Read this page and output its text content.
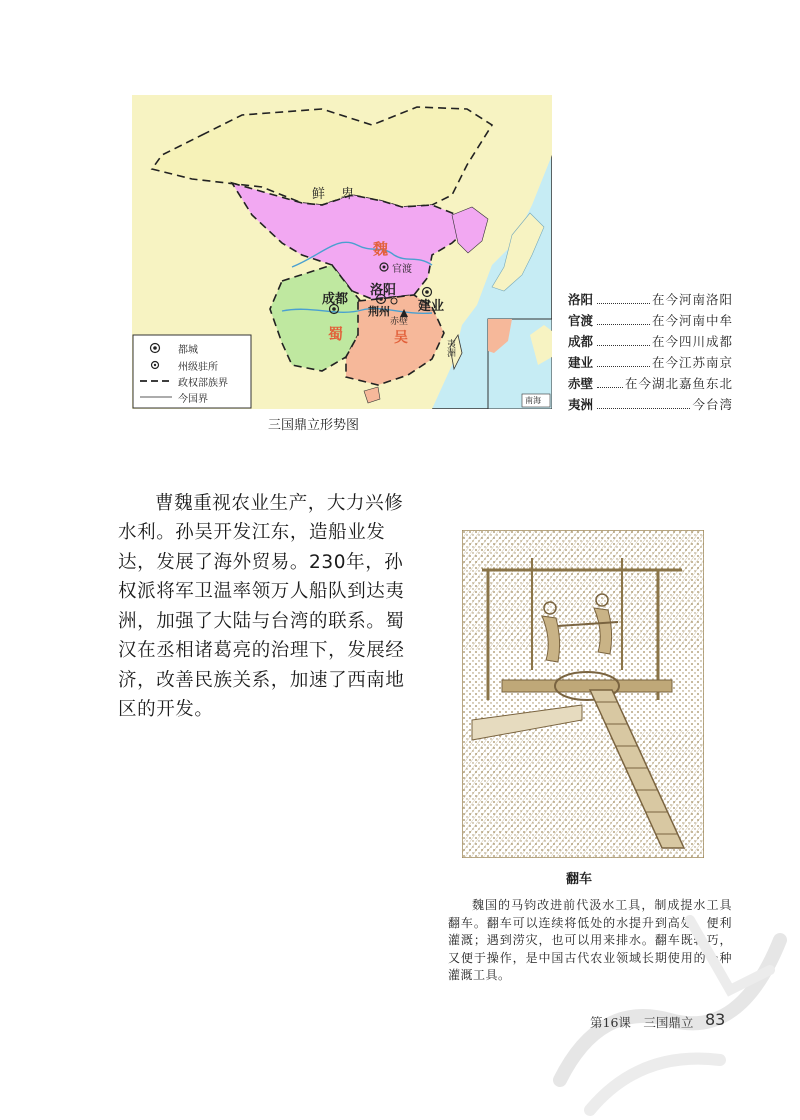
鲜 卑
魏
官渡
洛阳
成都	建业
荆州
赤壁
蜀	吴
夷洲
南海
都城
州级驻所
政权部族界
今国界
三国鼎立形势图
洛阳	在今河南洛阳
官渡	在今河南中牟
成都	在今四川成都
建业	在今江苏南京
赤壁	在今湖北嘉鱼东北
夷洲	今台湾

曹魏重视农业生产，大力兴修水利。孙吴开发江东，造船业发达，发展了海外贸易。230年，孙权派将军卫温率领万人船队到达夷洲，加强了大陆与台湾的联系。蜀汉在丞相诸葛亮的治理下，发展经济，改善民族关系，加速了西南地区的开发。

翻车

魏国的马钧改进前代汲水工具，制成提水工具翻车。翻车可以连续将低处的水提升到高处，便利灌溉；遇到涝灾，也可以用来排水。翻车既轻巧，又便于操作，是中国古代农业领域长期使用的一种灌溉工具。

第16课　三国鼎立 83
